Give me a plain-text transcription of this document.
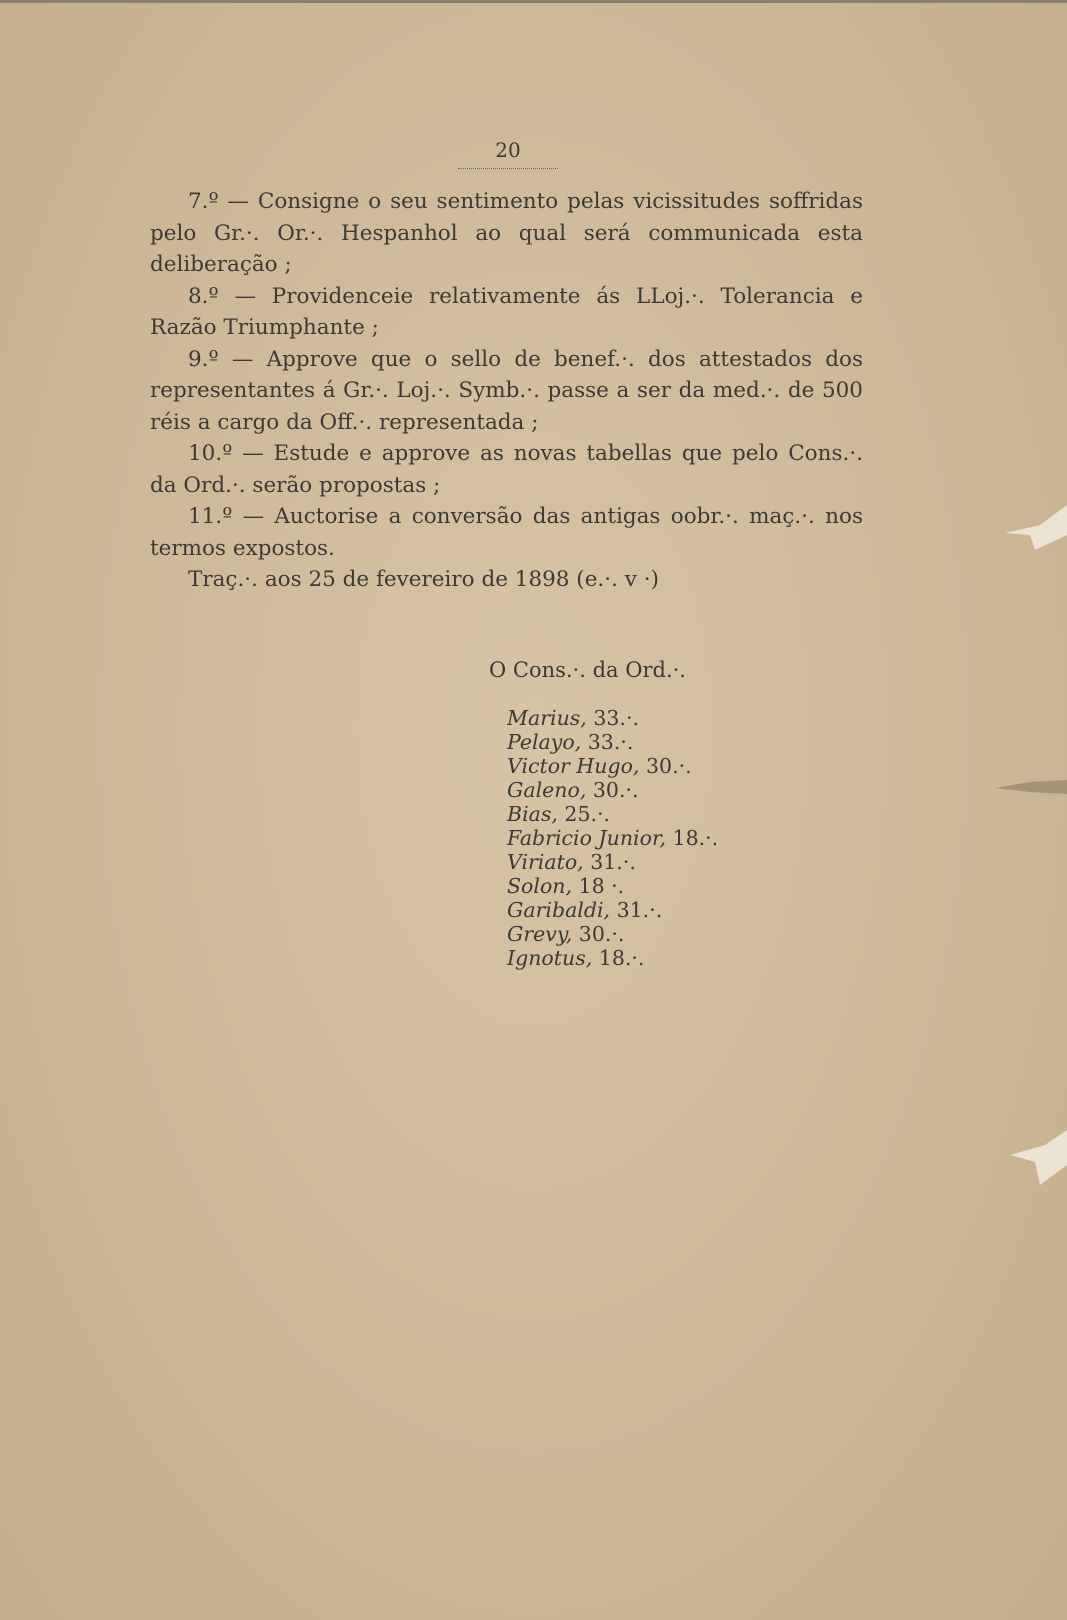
20

7.º — Consigne o seu sentimento pelas vicissitudes soffridas pelo Gr.·. Or.·. Hespanhol ao qual será communicada esta deliberação ;

8.º — Providenceie relativamente ás LLoj.·. Tolerancia e Razão Triumphante ;

9.º — Approve que o sello de benef.·. dos attestados dos representantes á Gr.·. Loj.·. Symb.·. passe a ser da med.·. de 500 réis a cargo da Off.·. representada ;

10.º — Estude e approve as novas tabellas que pelo Cons.·. da Ord.·. serão propostas ;

11.º — Auctorise a conversão das antigas oobr.·. maç.·. nos termos expostos.

Traç.·. aos 25 de fevereiro de 1898 (e.·. v ·)

O Cons.·. da Ord.·.
Marius, 33.·.
Pelayo, 33.·.
Victor Hugo, 30.·.
Galeno, 30.·.
Bias, 25.·.
Fabricio Junior, 18.·.
Viriato, 31.·.
Solon, 18 ·.
Garibaldi, 31.·.
Grevy, 30.·.
Ignotus, 18.·.
